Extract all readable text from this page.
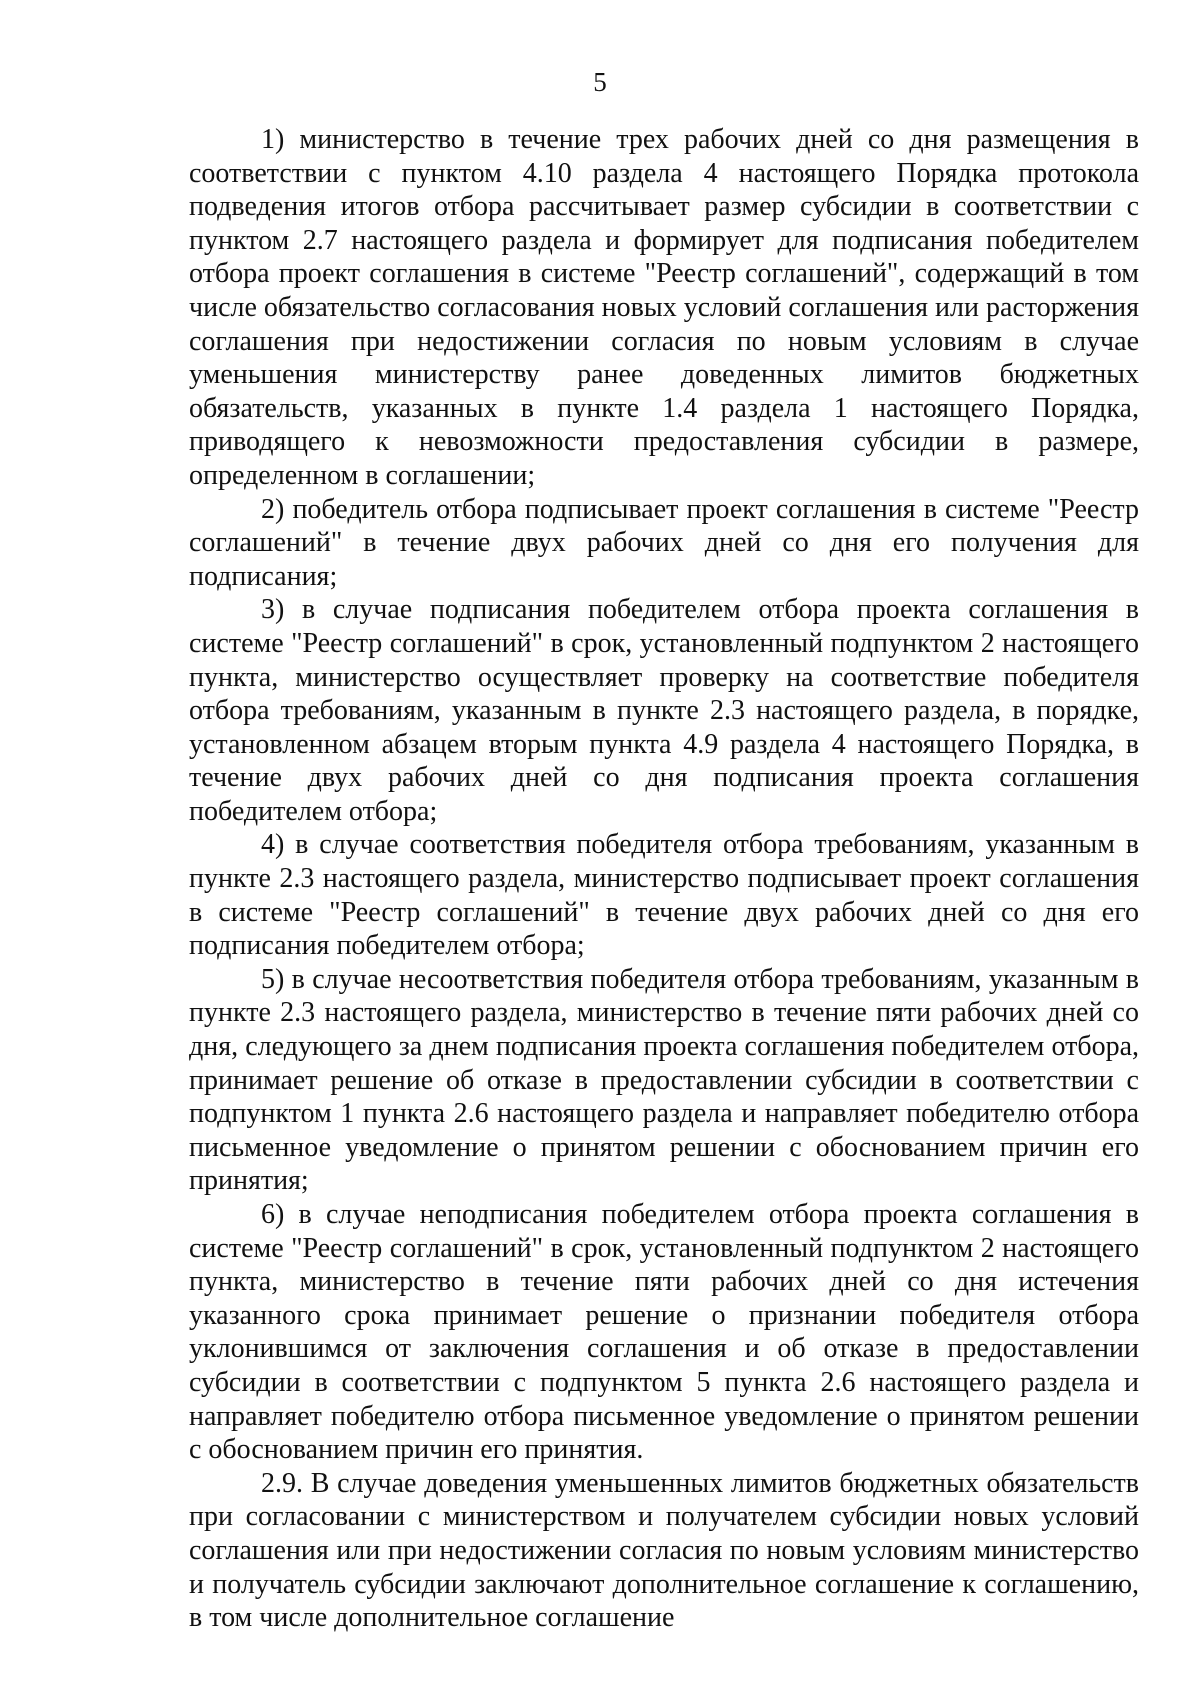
5

1) министерство в течение трех рабочих дней со дня размещения в соответствии с пунктом 4.10 раздела 4 настоящего Порядка протокола подведения итогов отбора рассчитывает размер субсидии в соответствии с пунктом 2.7 настоящего раздела и формирует для подписания победителем отбора проект соглашения в системе "Реестр соглашений", содержащий в том числе обязательство согласования новых условий соглашения или расторжения соглашения при недостижении согласия по новым условиям в случае уменьшения министерству ранее доведенных лимитов бюджетных обязательств, указанных в пункте 1.4 раздела 1 настоящего Порядка, приводящего к невозможности предоставления субсидии в размере, определенном в соглашении;

2) победитель отбора подписывает проект соглашения в системе "Реестр соглашений" в течение двух рабочих дней со дня его получения для подписания;

3) в случае подписания победителем отбора проекта соглашения в системе "Реестр соглашений" в срок, установленный подпунктом 2 настоящего пункта, министерство осуществляет проверку на соответствие победителя отбора требованиям, указанным в пункте 2.3 настоящего раздела, в порядке, установленном абзацем вторым пункта 4.9 раздела 4 настоящего Порядка, в течение двух рабочих дней со дня подписания проекта соглашения победителем отбора;

4) в случае соответствия победителя отбора требованиям, указанным в пункте 2.3 настоящего раздела, министерство подписывает проект соглашения в системе "Реестр соглашений" в течение двух рабочих дней со дня его подписания победителем отбора;

5) в случае несоответствия победителя отбора требованиям, указанным в пункте 2.3 настоящего раздела, министерство в течение пяти рабочих дней со дня, следующего за днем подписания проекта соглашения победителем отбора, принимает решение об отказе в предоставлении субсидии в соответствии с подпунктом 1 пункта 2.6 настоящего раздела и направляет победителю отбора письменное уведомление о принятом решении с обоснованием причин его принятия;

6) в случае неподписания победителем отбора проекта соглашения в системе "Реестр соглашений" в срок, установленный подпунктом 2 настоящего пункта, министерство в течение пяти рабочих дней со дня истечения указанного срока принимает решение о признании победителя отбора уклонившимся от заключения соглашения и об отказе в предоставлении субсидии в соответствии с подпунктом 5 пункта 2.6 настоящего раздела и направляет победителю отбора письменное уведомление о принятом решении с обоснованием причин его принятия.

2.9. В случае доведения уменьшенных лимитов бюджетных обязательств при согласовании с министерством и получателем субсидии новых условий соглашения или при недостижении согласия по новым условиям министерство и получатель субсидии заключают дополнительное соглашение к соглашению, в том числе дополнительное соглашение
